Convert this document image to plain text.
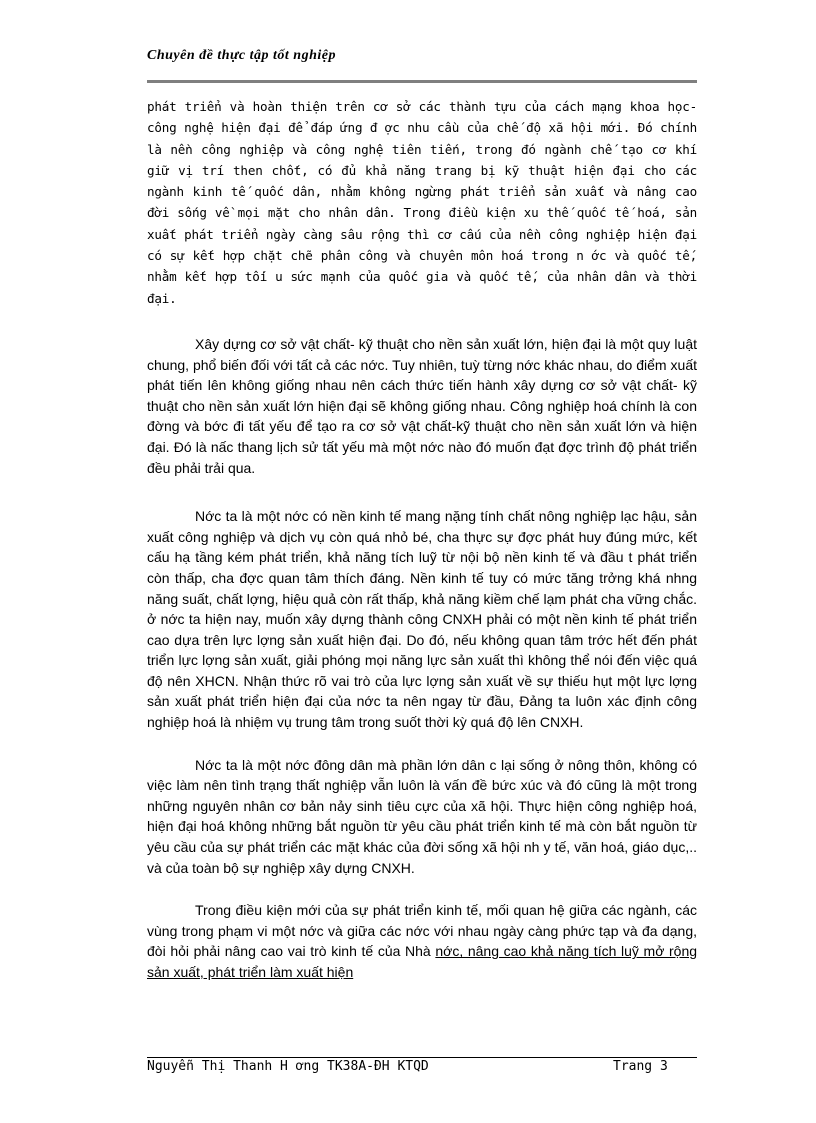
Chuyên đề thực tập tốt nghiệp

phát triển và hoàn thiện trên cơ sở các thành tựu của cách mạng khoa học- công nghệ hiện đại để đáp ứng đ ợc nhu cầu của chế độ xã hội mới. Đó chính là nền công nghiệp và công nghệ tiên tiến, trong đó ngành chế tạo cơ khí giữ vị trí then chốt, có đủ khả năng trang bị kỹ thuật hiện đại cho các ngành kinh tế quốc dân, nhằm không ngừng phát triển sản xuất và nâng cao đời sống về mọi mặt cho nhân dân. Trong điều kiện xu thế quốc tế hoá, sản xuất phát triển ngày càng sâu rộng thì cơ cấu của nền công nghiệp hiện đại có sự kết hợp chặt chẽ phân công và chuyên môn hoá trong n ớc và quốc tế, nhằm kết hợp tối u sức mạnh của quốc gia và quốc tế, của nhân dân và thời đại.

Xây dựng cơ sở vật chất- kỹ thuật cho nền sản xuất lớn, hiện đại là một quy luật chung, phổ biến đối với tất cả các nớc. Tuy nhiên, tuỳ từng nớc khác nhau, do điểm xuất phát tiến lên không giống nhau nên cách thức tiến hành xây dựng cơ sở vật chất- kỹ thuật cho nền sản xuất lớn hiện đại sẽ không giống nhau. Công nghiệp hoá chính là con đờng và bớc đi tất yếu để tạo ra cơ sở vật chất-kỹ thuật cho nền sản xuất lớn và hiện đại. Đó là nấc thang lịch sử tất yếu mà một nớc nào đó muốn đạt đợc trình độ phát triển đều phải trải qua.

Nớc ta là một nớc có nền kinh tế mang nặng tính chất nông nghiệp lạc hậu, sản xuất công nghiệp và dịch vụ còn quá nhỏ bé, cha thực sự đợc phát huy đúng mức, kết cấu hạ tầng kém phát triển, khả năng tích luỹ từ nội bộ nền kinh tế và đầu t phát triển còn thấp, cha đợc quan tâm thích đáng. Nền kinh tế tuy có mức tăng trởng khá nhng năng suất, chất lợng, hiệu quả còn rất thấp, khả năng kiềm chế lạm phát cha vững chắc. ở nớc ta hiện nay, muốn xây dựng thành công CNXH phải có một nền kinh tế phát triển cao dựa trên lực lợng sản xuất hiện đại. Do đó, nếu không quan tâm trớc hết đến phát triển lực lợng sản xuất, giải phóng mọi năng lực sản xuất thì không thể nói đến việc quá độ nên XHCN. Nhận thức rõ vai trò của lực lợng sản xuất về sự thiếu hụt một lực lợng sản xuất phát triển hiện đại của nớc ta nên ngay từ đầu, Đảng ta luôn xác định công nghiệp hoá là nhiệm vụ trung tâm trong suốt thời kỳ quá độ lên CNXH.

Nớc ta là một nớc đông dân mà phần lớn dân c lại sống ở nông thôn, không có việc làm nên tình trạng thất nghiệp vẫn luôn là vấn đề bức xúc và đó cũng là một trong những nguyên nhân cơ bản nảy sinh tiêu cực của xã hội. Thực hiện công nghiệp hoá, hiện đại hoá không những bắt nguồn từ yêu cầu phát triển kinh tế mà còn bắt nguồn từ yêu cầu của sự phát triển các mặt khác của đời sống xã hội nh y tế, văn hoá, giáo dục,.. và của toàn bộ sự nghiệp xây dựng CNXH.

Trong điều kiện mới của sự phát triển kinh tế, mối quan hệ giữa các ngành, các vùng trong phạm vi một nớc và giữa các nớc với nhau ngày càng phức tạp và đa dạng, đòi hỏi phải nâng cao vai trò kinh tế của Nhà nớc, nâng cao khả năng tích luỹ mở rộng sản xuất, phát triển làm xuất hiện

Nguyễn Thị Thanh H ơng TK38A-ĐH KTQD	Trang 3
